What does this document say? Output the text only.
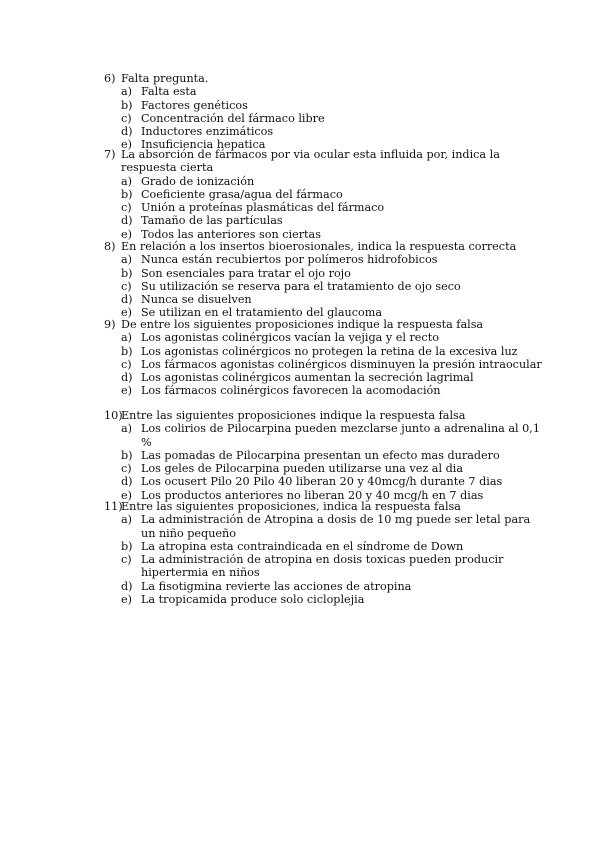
6) Falta pregunta.
a) Falta esta
b) Factores genéticos
c) Concentración del fármaco libre
d) Inductores enzimáticos
e) Insuficiencia hepatica
7) La absorción de fármacos por via ocular esta influida por, indica la respuesta cierta
a) Grado de ionización
b) Coeficiente grasa/agua del fármaco
c) Unión a proteínas plasmáticas del fármaco
d) Tamaño de las partículas
e) Todos las anteriores son ciertas
8) En relación a los insertos bioerosionales, indica la respuesta correcta
a) Nunca están recubiertos por polímeros hidrofobicos
b) Son esenciales para tratar el ojo rojo
c) Su utilización se reserva para el tratamiento de ojo seco
d) Nunca se disuelven
e) Se utilizan en el tratamiento del glaucoma
9) De entre los siguientes proposiciones indique la respuesta falsa
a) Los agonistas colinérgicos vacían la vejiga y el recto
b) Los agonistas colinérgicos no protegen la retina de la excesiva luz
c) Los fármacos agonistas colinérgicos disminuyen la presión intraocular
d) Los agonistas colinérgicos aumentan la secreción lagrimal
e) Los fármacos colinérgicos favorecen la acomodación
10)
Entre las siguientes proposiciones indique la respuesta falsa
a) Los colirios de Pilocarpina pueden mezclarse junto a adrenalina al 0,1 %
b) Las pomadas de Pilocarpina presentan un efecto mas duradero
c) Los geles de Pilocarpina pueden utilizarse una vez al dia
d) Los ocusert Pilo 20 Pilo 40 liberan 20 y 40mcg/h durante 7 dias
e) Los productos anteriores no liberan 20 y 40 mcg/h en 7 dias
11)
Entre las siguientes proposiciones, indica la respuesta falsa
a) La administración de Atropina a dosis de 10 mg puede ser letal para un niño pequeño
b) La atropina esta contraindicada en el síndrome de Down
c) La administración de atropina en dosis toxicas pueden producir hipertermia en niños
d) La fisotigmina revierte las acciones de atropina
e) La tropicamida produce solo cicloplejia
